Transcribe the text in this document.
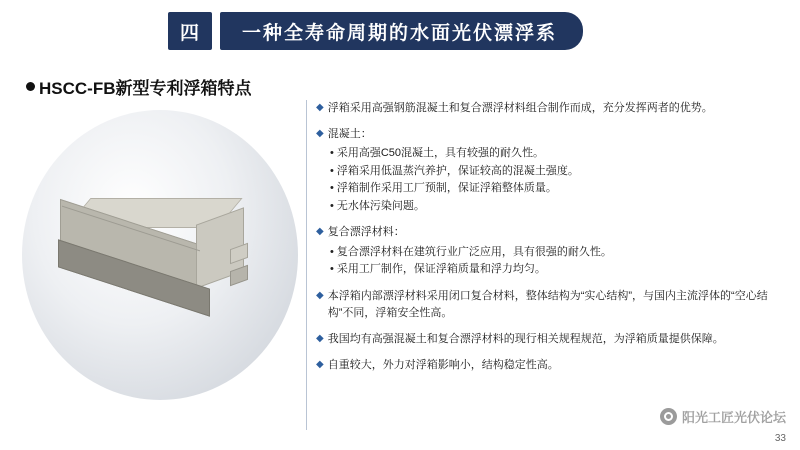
四	一种全寿命周期的水面光伏漂浮系
HSCC-FB新型专利浮箱特点
◆ 浮箱采用高强钢筋混凝土和复合漂浮材料组合制作而成，充分发挥两者的优势。
◆ 混凝土：
• 采用高强C50混凝土，具有较强的耐久性。
• 浮箱采用低温蒸汽养护，保证较高的混凝土强度。
• 浮箱制作采用工厂预制，保证浮箱整体质量。
• 无水体污染问题。
◆ 复合漂浮材料：
• 复合漂浮材料在建筑行业广泛应用，具有很强的耐久性。
• 采用工厂制作，保证浮箱质量和浮力均匀。
◆ 本浮箱内部漂浮材料采用闭口复合材料，整体结构为“实心结构”，与国内主流浮体的“空心结构”不同，浮箱安全性高。
◆ 我国均有高强混凝土和复合漂浮材料的现行相关规程规范，为浮箱质量提供保障。
◆ 自重较大，外力对浮箱影响小，结构稳定性高。
阳光工匠光伏论坛
33
